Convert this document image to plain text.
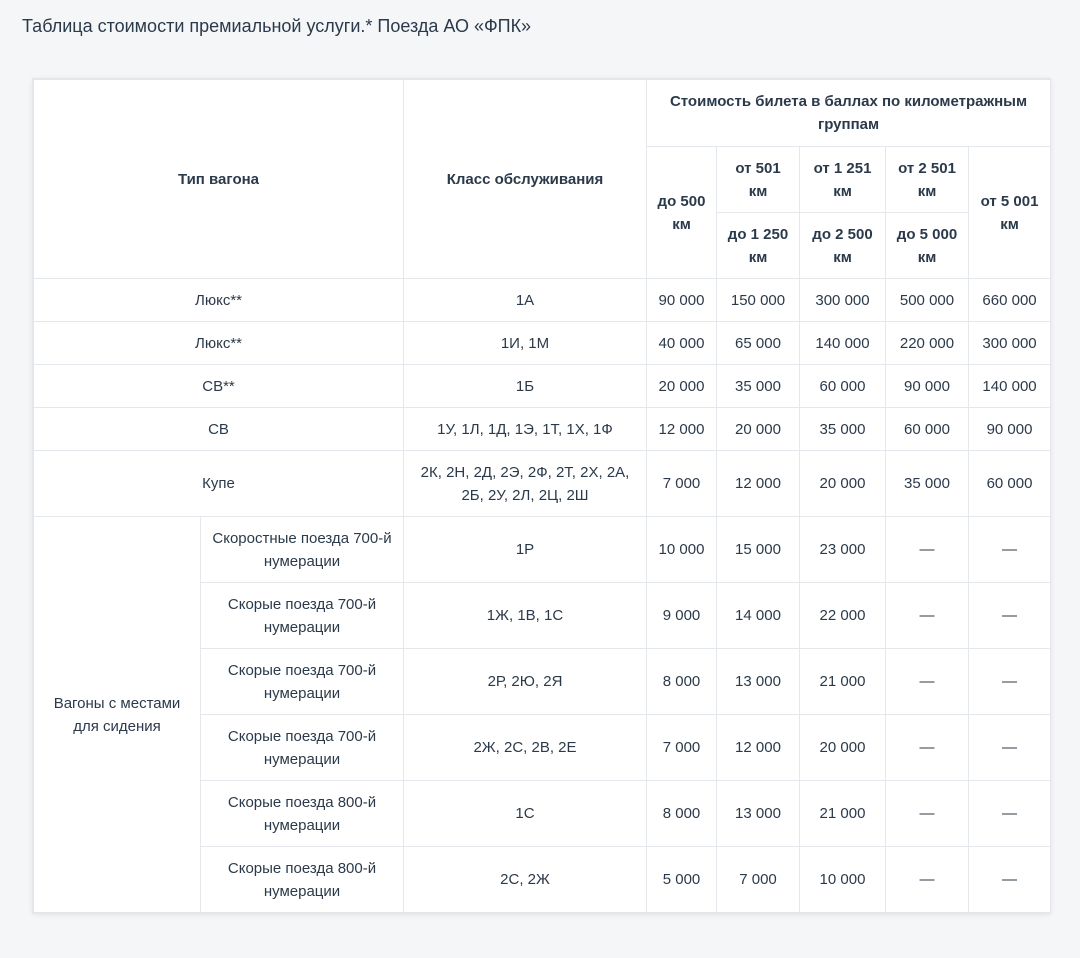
Таблица стоимости премиальной услуги.* Поезда АО «ФПК»
Тип вагона		Класс обслуживания	Стоимость билета в баллах по километражным группам				
			до 500 км	от 501 км	от 1 251 км	от 2 501 км	от 5 001 км
				до 1 250 км	до 2 500 км	до 5 000 км	
Люкс**		1А	90 000	150 000	300 000	500 000	660 000
Люкс**		1И, 1М	40 000	65 000	140 000	220 000	300 000
СВ**		1Б	20 000	35 000	60 000	90 000	140 000
СВ		1У, 1Л, 1Д, 1Э, 1Т, 1Х, 1Ф	12 000	20 000	35 000	60 000	90 000
Купе		2К, 2Н, 2Д, 2Э, 2Ф, 2Т, 2Х, 2А, 2Б, 2У, 2Л, 2Ц, 2Ш	7 000	12 000	20 000	35 000	60 000
Вагоны с местами для сидения	Скоростные поезда 700-й нумерации	1Р	10 000	15 000	23 000	—	—
	Скорые поезда 700-й нумерации	1Ж, 1В, 1С	9 000	14 000	22 000	—	—
	Скорые поезда 700-й нумерации	2Р, 2Ю, 2Я	8 000	13 000	21 000	—	—
	Скорые поезда 700-й нумерации	2Ж, 2С, 2В, 2Е	7 000	12 000	20 000	—	—
	Скорые поезда 800-й нумерации	1С	8 000	13 000	21 000	—	—
	Скорые поезда 800-й нумерации	2С, 2Ж	5 000	7 000	10 000	—	—
